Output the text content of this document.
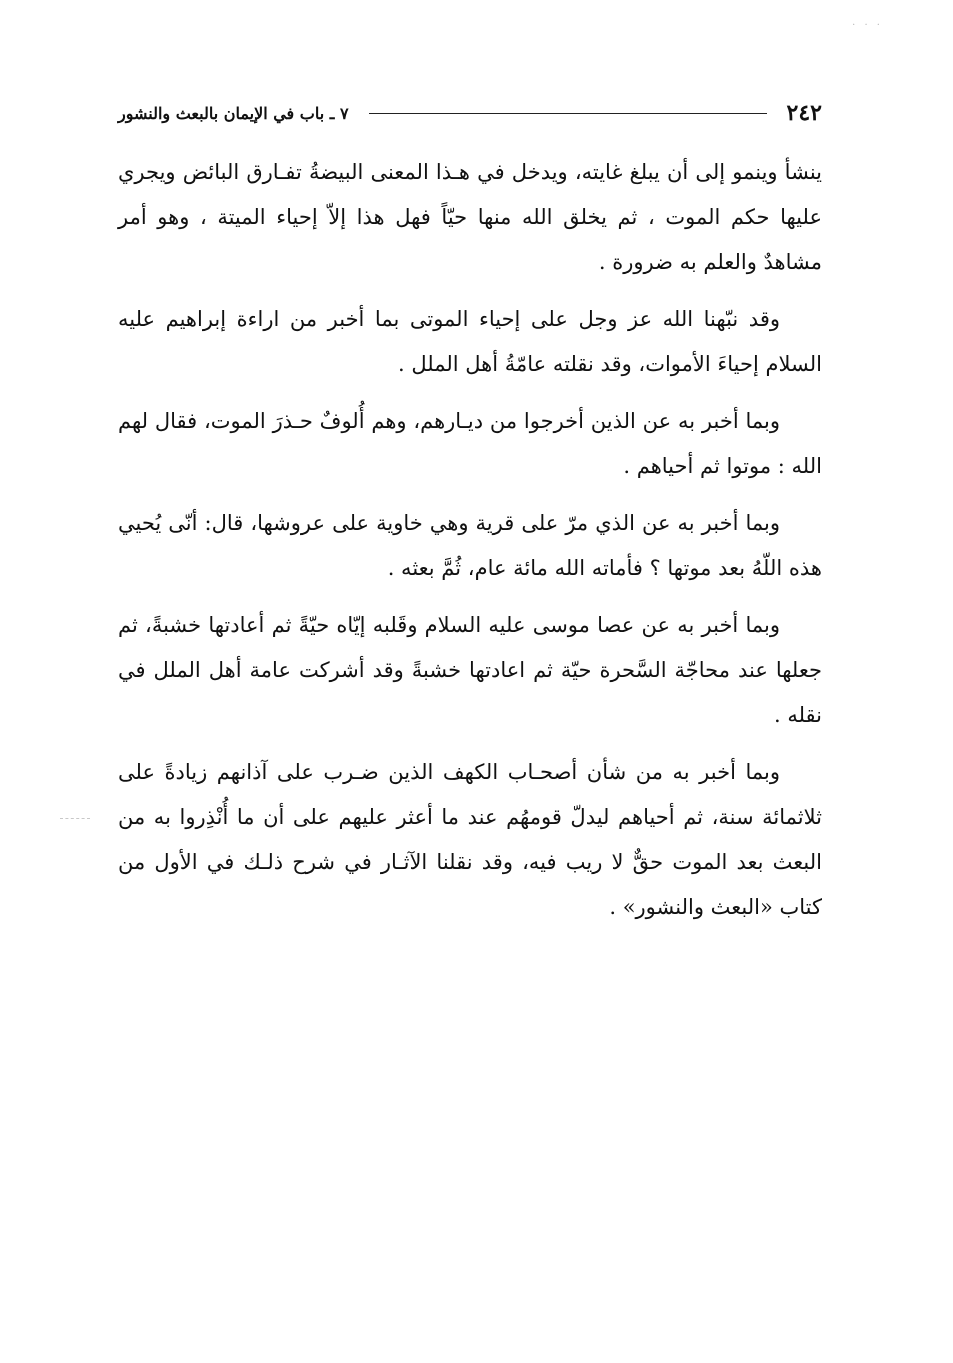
· · ·
٢٤٢
٧ ـ باب في الإيمان بالبعث والنشور

ينشأ وينمو إلى أن يبلغ غايته، ويدخل في هـذا المعنى البيضةُ تفـارق البائض ويجري عليها حكم الموت ، ثم يخلق الله منها حيّاً فهل هذا إلاّ إحياء الميتة ، وهو أمر مشاهدٌ والعلم به ضرورة .

وقد نبّهنا الله عز وجل على إحياء الموتى بما أخبر من اراءة إبراهيم عليه السلام إحياءَ الأموات، وقد نقلته عامّةُ أهل الملل .

وبما أخبر به عن الذين أخرجوا من ديـارهم، وهم أُلوفٌ حـذرَ الموت، فقال لهم الله : موتوا ثم أحياهم .

وبما أخبر به عن الذي مرّ على قرية وهي خاوية على عروشها، قال: أنّى يُحيي هذه اللّهُ بعد موتها ؟ فأماته الله مائة عام، ثُمَّ بعثه .

وبما أخبر به عن عصا موسى عليه السلام وقَلبه إيّاه حيّةً ثم أعادتها خشبةً، ثم جعلها عند محاجّة السَّحرة حيّة ثم اعادتها خشبةً وقد أشركت عامة أهل الملل في نقله .

وبما أخبر به من شأن أصحـاب الكهف الذين ضـرب على آذانهم زيادةً على ثلاثمائة سنة، ثم أحياهم ليدلّ قومهُم عند ما أعثر عليهم على أن ما أُنْذِروا به من البعث بعد الموت حقٌّ لا ريب فيه، وقد نقلنا الآثـار في شرح ذلـك في الأول من كتاب «البعث والنشور» .
